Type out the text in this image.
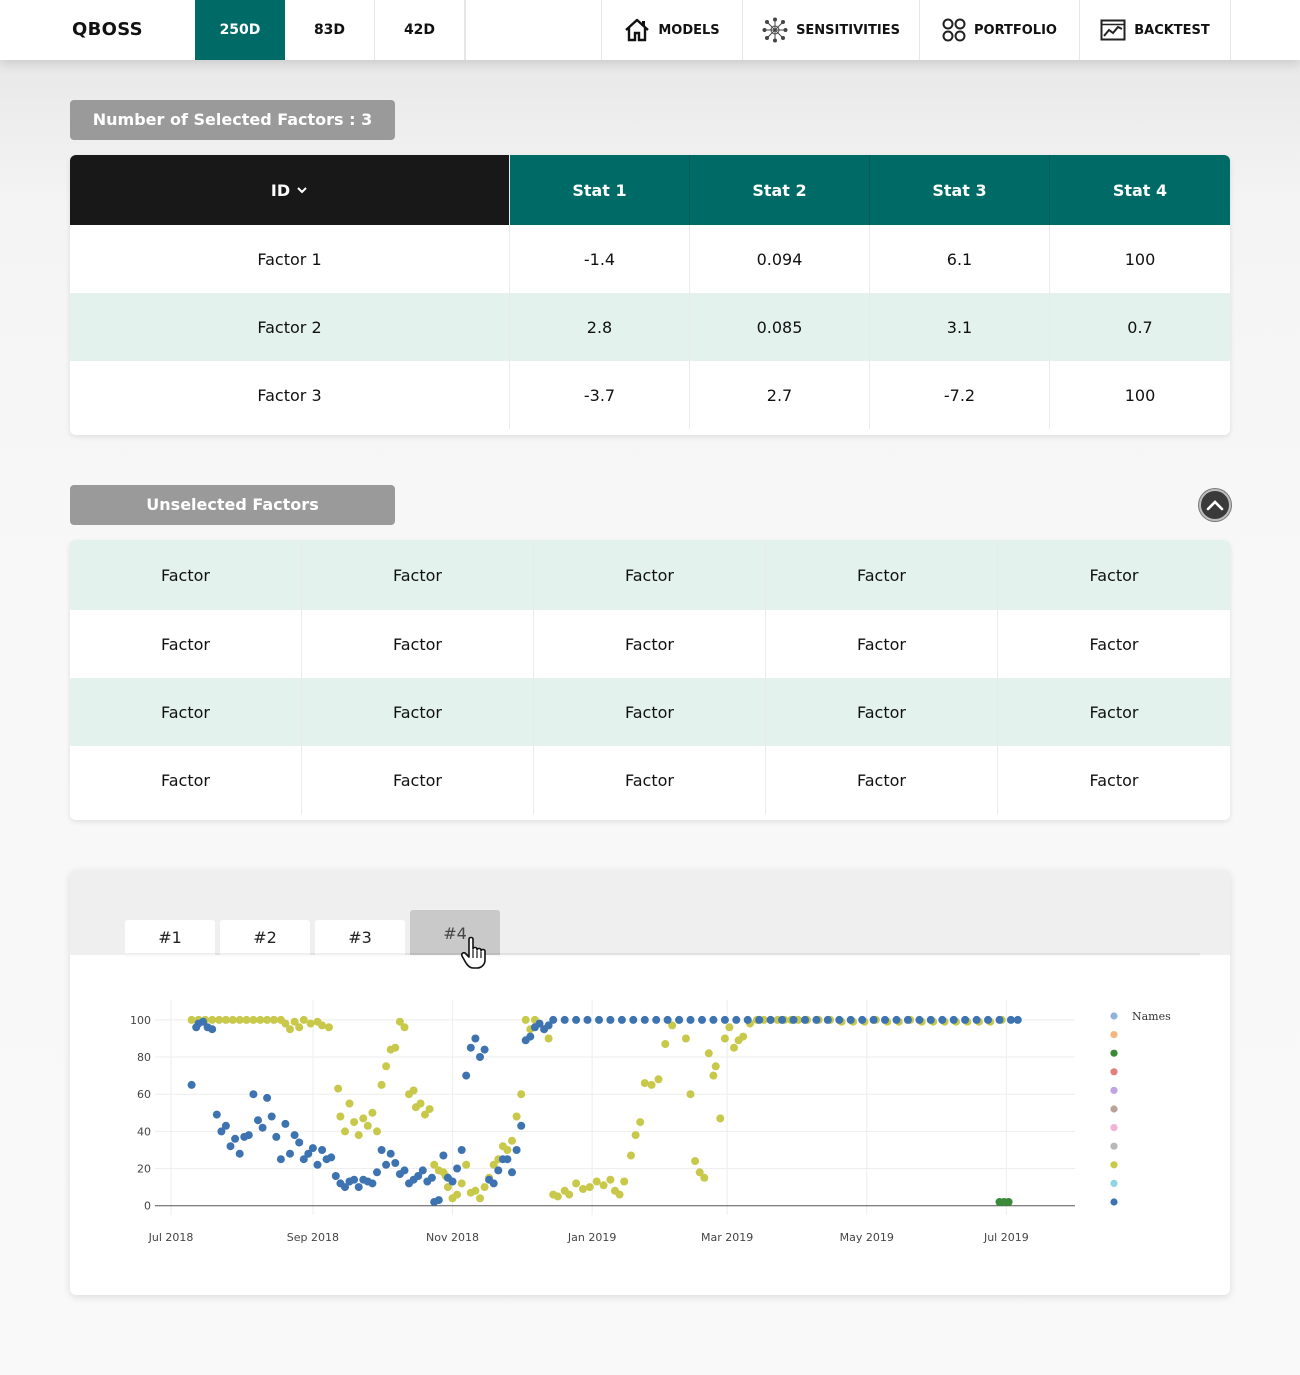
QBOSS	250D	83D	42D	MODELS	SENSITIVITIES	PORTFOLIO	BACKTEST
Number of Selected Factors : 3
ID	Stat 1	Stat 2	Stat 3	Stat 4
Factor 1	-1.4	0.094	6.1	100
Factor 2	2.8	0.085	3.1	0.7
Factor 3	-3.7	2.7	-7.2	100
Unselected Factors
Factor	Factor	Factor	Factor	Factor
Factor	Factor	Factor	Factor	Factor
Factor	Factor	Factor	Factor	Factor
Factor	Factor	Factor	Factor	Factor
#1	#2	#3	#4
Jul 2018	Sep 2018	Nov 2018	Jan 2019	Mar 2019	May 2019	Jul 2019
0
20
40
60
80
100	Names
